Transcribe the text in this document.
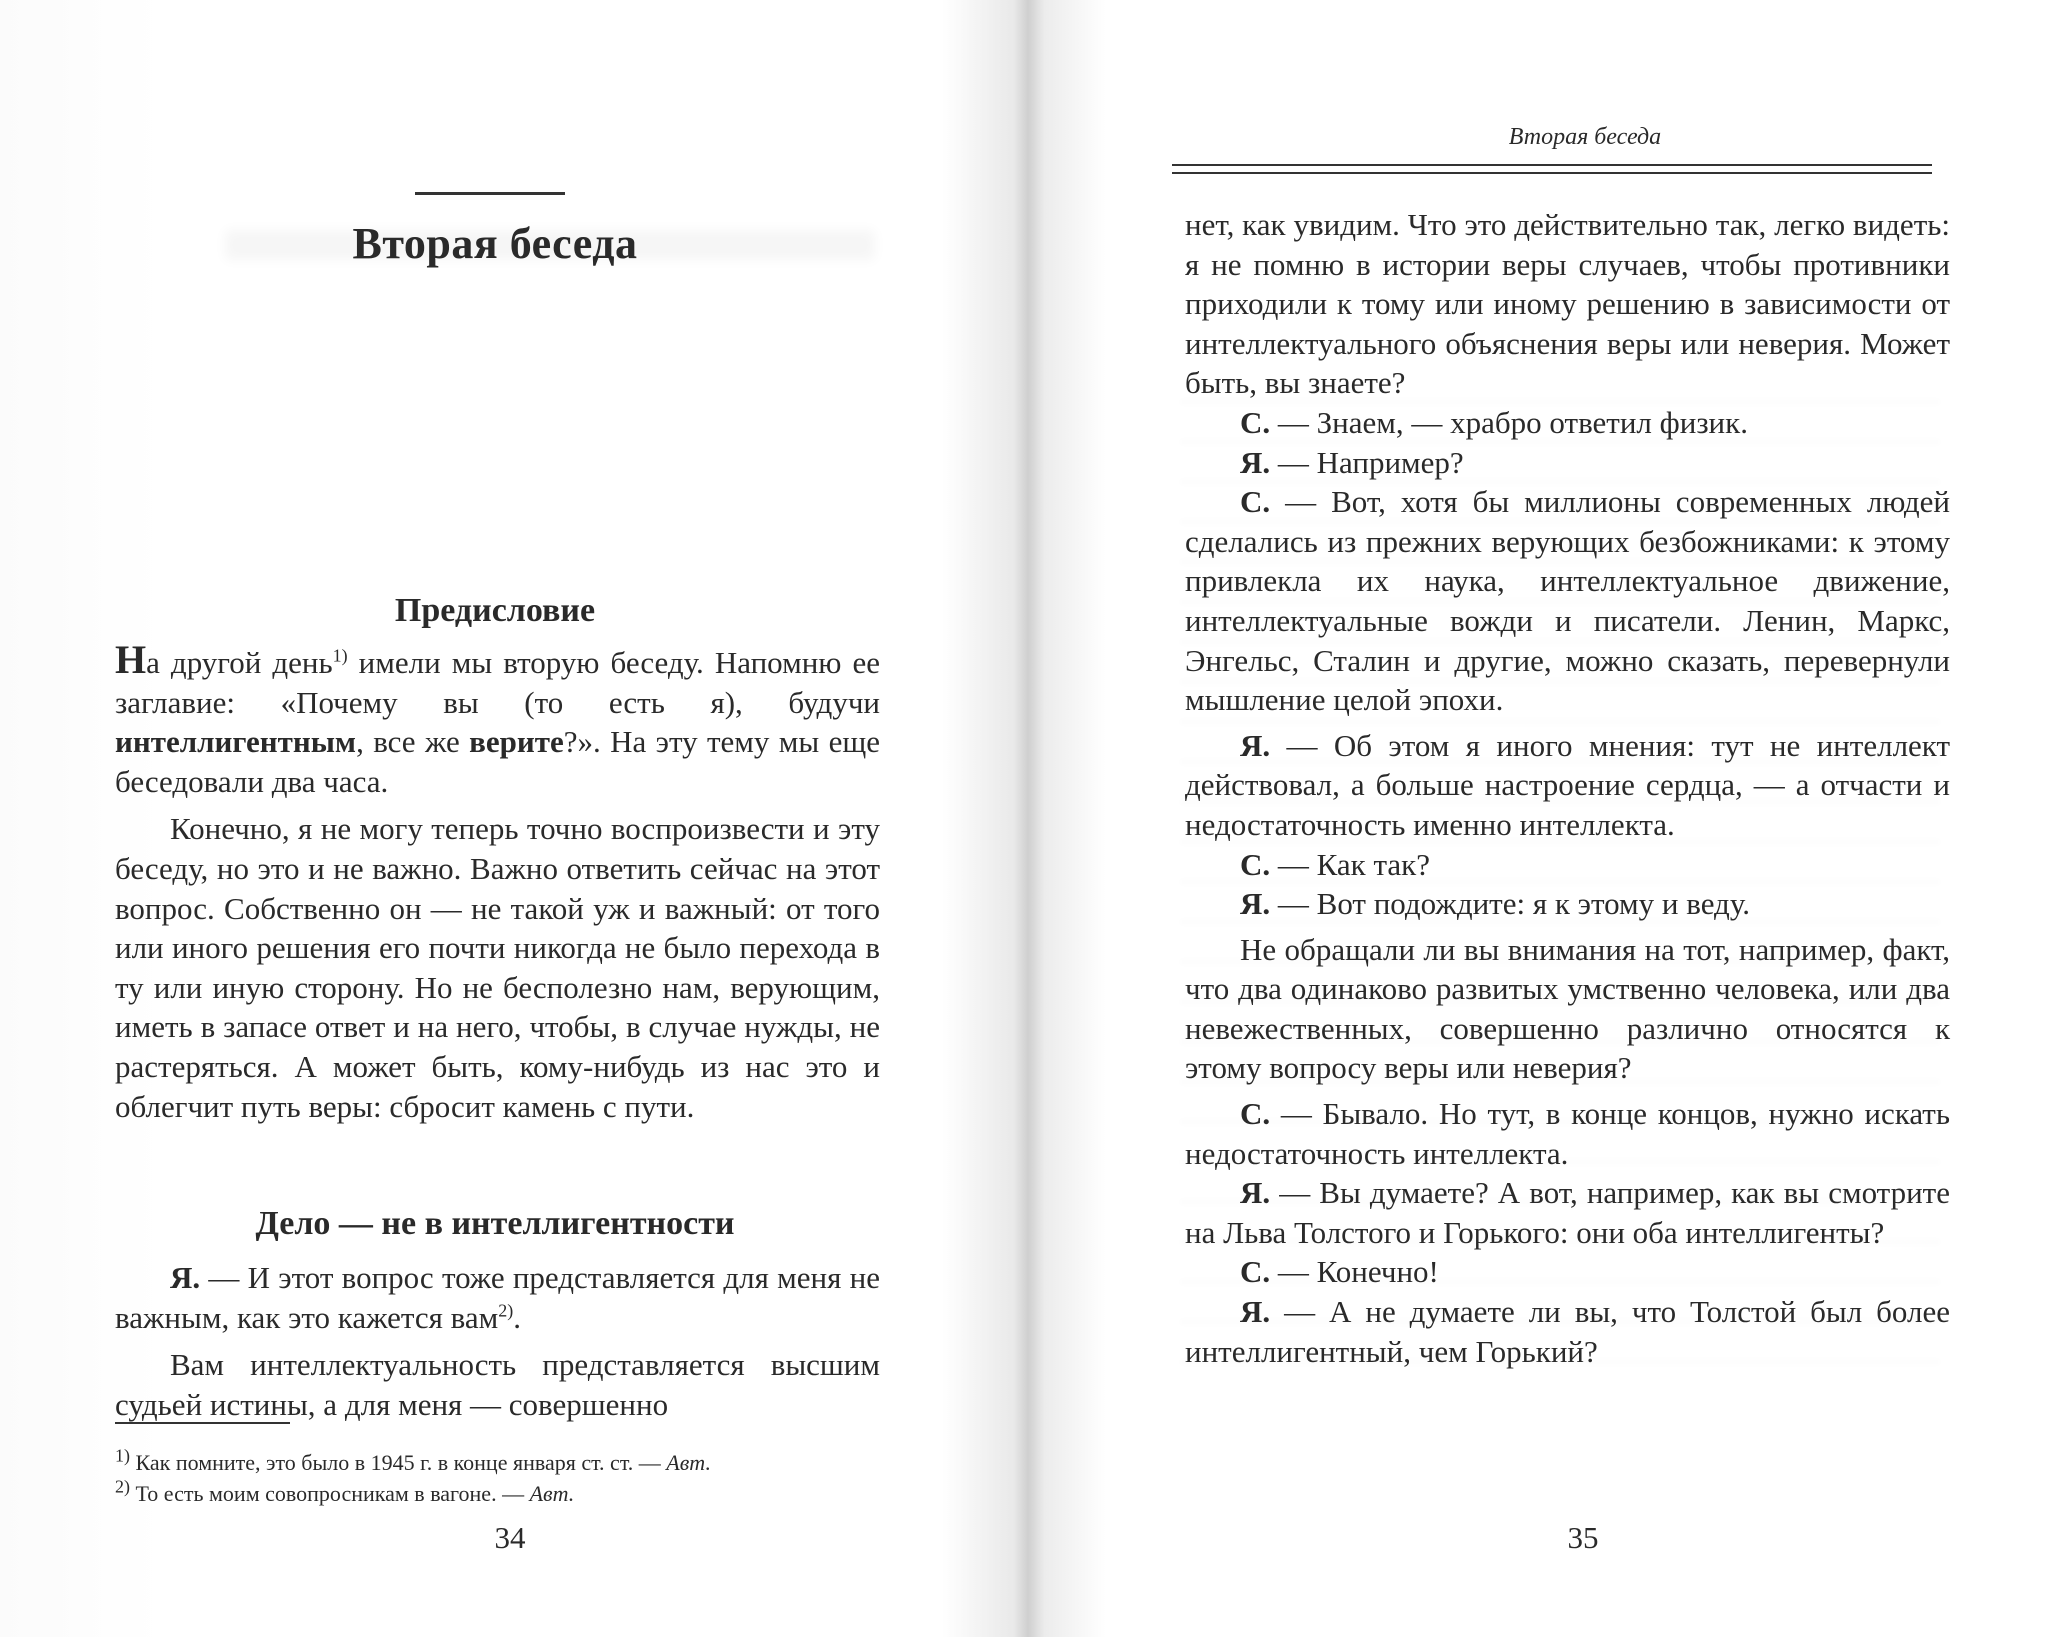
Вторая беседа
Предисловие

На другой день$^{1)}$ имели мы вторую беседу. Напомню ее заглавие: «Почему вы (то есть я), будучи интеллигентным, все же верите?». На эту тему мы еще беседовали два часа.

Конечно, я не могу теперь точно воспроизвести и эту беседу, но это и не важно. Важно ответить сейчас на этот вопрос. Собственно он — не такой уж и важный: от того или иного решения его почти никогда не было перехода в ту или иную сторону. Но не бесполезно нам, верующим, иметь в запасе ответ и на него, чтобы, в случае нужды, не растеряться. А может быть, кому-нибудь из нас это и облегчит путь веры: сбросит камень с пути.

Дело — не в интеллигентности

Я. — И этот вопрос тоже представляется для меня не важным, как это кажется вам$^{2)}$.

Вам интеллектуальность представляется высшим судьей истины, а для меня — совершенно

$^{1)}$ Как помните, это было в 1945 г. в конце января ст. ст. — Авт.
$^{2)}$ То есть моим совопросникам в вагоне. — Авт.
34
Вторая беседа

нет, как увидим. Что это действительно так, легко видеть: я не помню в истории веры случаев, чтобы противники приходили к тому или иному решению в зависимости от интеллектуального объяснения веры или неверия. Может быть, вы знаете?

С. — Знаем, — храбро ответил физик.

Я. — Например?

С. — Вот, хотя бы миллионы современных людей сделались из прежних верующих безбожниками: к этому привлекла их наука, интеллектуальное движение, интеллектуальные вожди и писатели. Ленин, Маркс, Энгельс, Сталин и другие, можно сказать, перевернули мышление целой эпохи.

Я. — Об этом я иного мнения: тут не интеллект действовал, а больше настроение сердца, — а отчасти и недостаточность именно интеллекта.

С. — Как так?

Я. — Вот подождите: я к этому и веду.

Не обращали ли вы внимания на тот, например, факт, что два одинаково развитых умственно человека, или два невежественных, совершенно различно относятся к этому вопросу веры или неверия?

С. — Бывало. Но тут, в конце концов, нужно искать недостаточность интеллекта.

Я. — Вы думаете? А вот, например, как вы смотрите на Льва Толстого и Горького: они оба интеллигенты?

С. — Конечно!

Я. — А не думаете ли вы, что Толстой был более интеллигентный, чем Горький?

35
